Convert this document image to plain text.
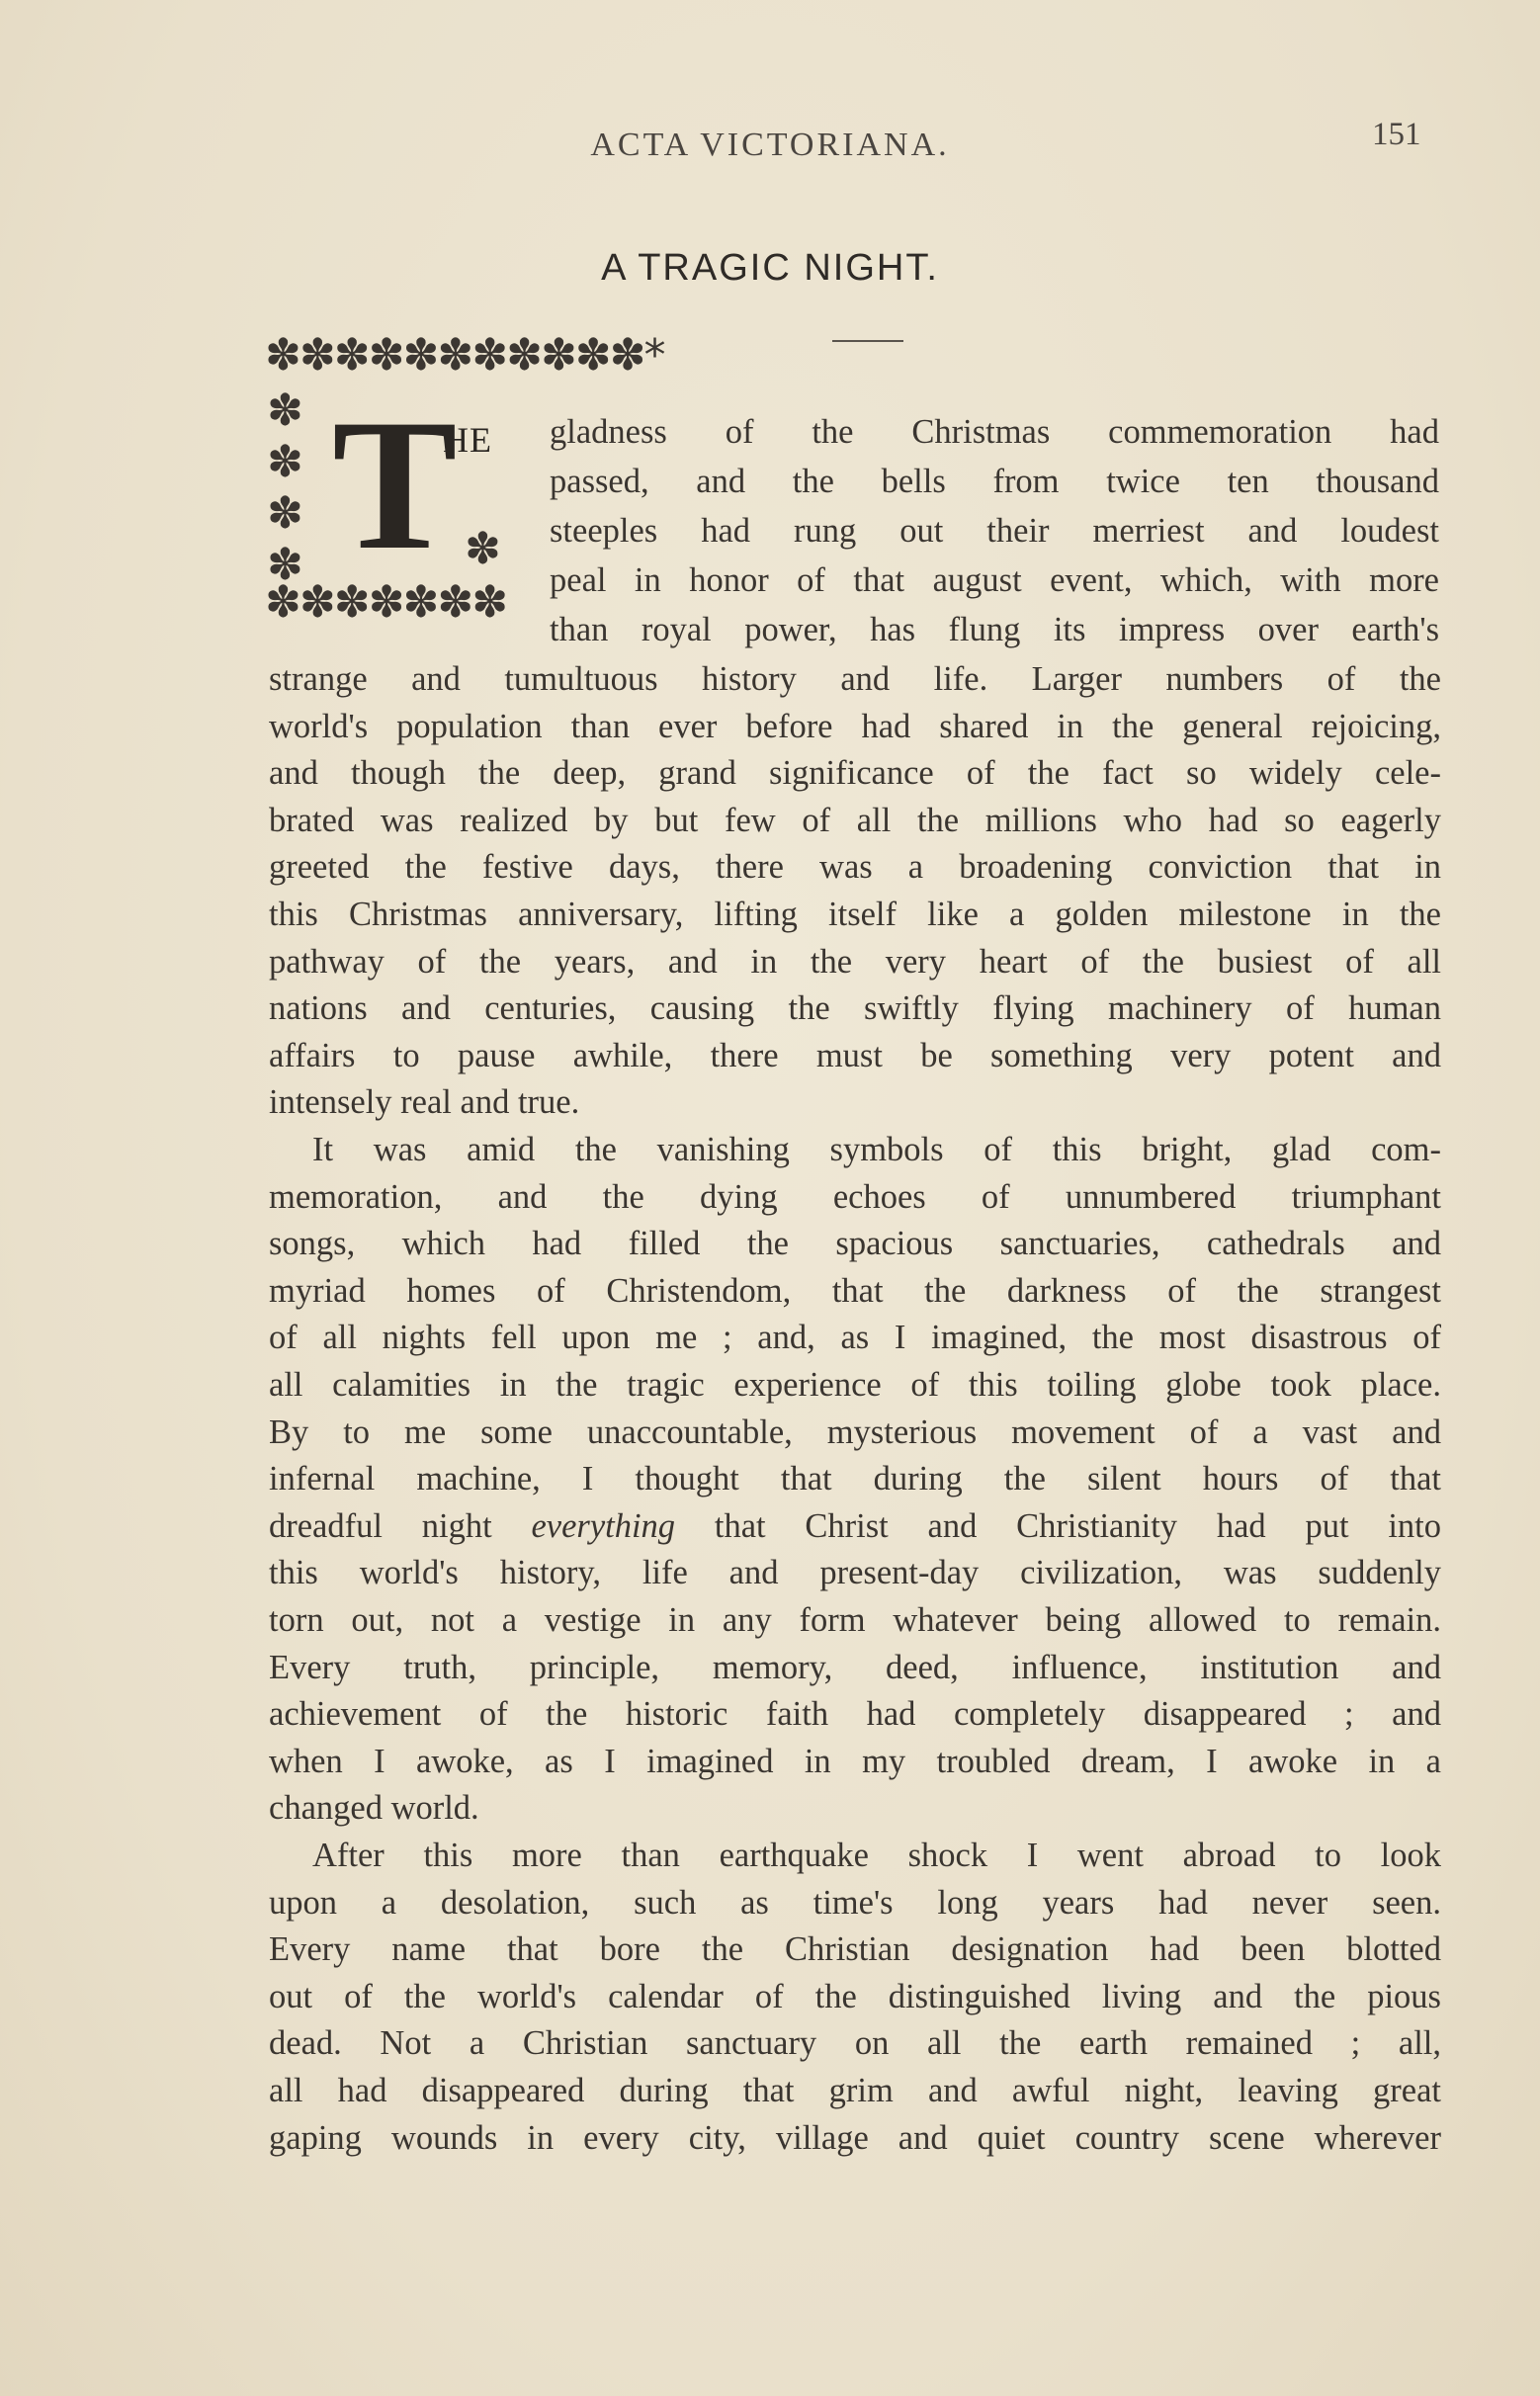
ACTA VICTORIANA.	151
A TRAGIC NIGHT.
✽✽✽✽✽✽✽✽✽✽✽*
✽
✽
✽
✽
✽✽✽✽✽✽✽
✽
T
HE gladness of the Christmas commemoration had
passed, and the bells from twice ten thousand
steeples had rung out their merriest and loudest
peal in honor of that august event, which, with more
than royal power, has flung its impress over earth's
strange and tumultuous history and life. Larger numbers of the
world's population than ever before had shared in the general rejoicing,
and though the deep, grand significance of the fact so widely cele-
brated was realized by but few of all the millions who had so eagerly
greeted the festive days, there was a broadening conviction that in
this Christmas anniversary, lifting itself like a golden milestone in the
pathway of the years, and in the very heart of the busiest of all
nations and centuries, causing the swiftly flying machinery of human
affairs to pause awhile, there must be something very potent and
intensely real and true.
It was amid the vanishing symbols of this bright, glad com-
memoration, and the dying echoes of unnumbered triumphant
songs, which had filled the spacious sanctuaries, cathedrals and
myriad homes of Christendom, that the darkness of the strangest
of all nights fell upon me ; and, as I imagined, the most disastrous of
all calamities in the tragic experience of this toiling globe took place.
By to me some unaccountable, mysterious movement of a vast and
infernal machine, I thought that during the silent hours of that
dreadful night everything that Christ and Christianity had put into
this world's history, life and present-day civilization, was suddenly
torn out, not a vestige in any form whatever being allowed to remain.
Every truth, principle, memory, deed, influence, institution and
achievement of the historic faith had completely disappeared ; and
when I awoke, as I imagined in my troubled dream, I awoke in a
changed world.
After this more than earthquake shock I went abroad to look
upon a desolation, such as time's long years had never seen.
Every name that bore the Christian designation had been blotted
out of the world's calendar of the distinguished living and the pious
dead. Not a Christian sanctuary on all the earth remained ; all,
all had disappeared during that grim and awful night, leaving great
gaping wounds in every city, village and quiet country scene wherever
